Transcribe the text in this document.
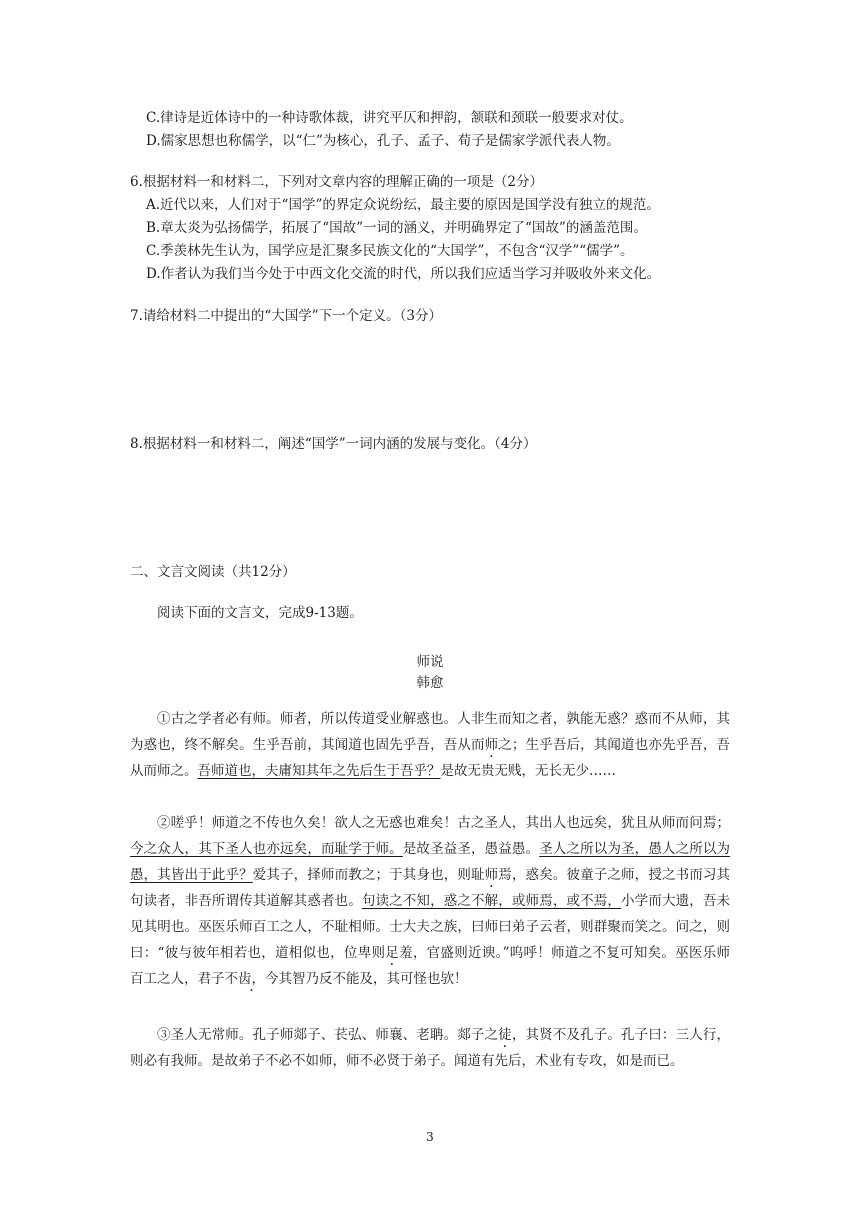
C.律诗是近体诗中的一种诗歌体裁，讲究平仄和押韵，颔联和颈联一般要求对仗。
D.儒家思想也称儒学，以“仁”为核心，孔子、孟子、荀子是儒家学派代表人物。
6.根据材料一和材料二，下列对文章内容的理解正确的一项是（2分）
A.近代以来，人们对于“国学”的界定众说纷纭，最主要的原因是国学没有独立的规范。
B.章太炎为弘扬儒学，拓展了“国故”一词的涵义，并明确界定了“国故”的涵盖范围。
C.季羡林先生认为，国学应是汇聚多民族文化的“大国学”，不包含“汉学”“儒学”。
D.作者认为我们当今处于中西文化交流的时代，所以我们应适当学习并吸收外来文化。
7.请给材料二中提出的“大国学”下一个定义。（3分）
8.根据材料一和材料二，阐述“国学”一词内涵的发展与变化。（4分）
二、文言文阅读（共12分）
阅读下面的文言文，完成9-13题。
师说
韩愈
①古之学者必有师。师者，所以传道受业解惑也。人非生而知之者，孰能无惑？惑而不从师，其为惑也，终不解矣。生乎吾前，其闻道也固先乎吾，吾从而师之；生乎吾后，其闻道也亦先乎吾，吾从而师之。吾师道也，夫庸知其年之先后生于吾乎？是故无贵无贱，无长无少……
②嗟乎！师道之不传也久矣！欲人之无惑也难矣！古之圣人，其出人也远矣，犹且从师而问焉；今之众人，其下圣人也亦远矣，而耻学于师。是故圣益圣，愚益愚。圣人之所以为圣，愚人之所以为愚，其皆出于此乎？爱其子，择师而教之；于其身也，则耻师焉，惑矣。彼童子之师，授之书而习其句读者，非吾所谓传其道解其惑者也。句读之不知，惑之不解，或师焉，或不焉，小学而大遗，吾未见其明也。巫医乐师百工之人，不耻相师。士大夫之族，曰师曰弟子云者，则群聚而笑之。问之，则曰：“彼与彼年相若也，道相似也，位卑则足羞，官盛则近谀。”呜呼！师道之不复可知矣。巫医乐师百工之人，君子不齿，今其智乃反不能及，其可怪也欤！
③圣人无常师。孔子师郯子、苌弘、师襄、老聃。郯子之徒，其贤不及孔子。孔子曰：三人行，则必有我师。是故弟子不必不如师，师不必贤于弟子。闻道有先后，术业有专攻，如是而已。
3
